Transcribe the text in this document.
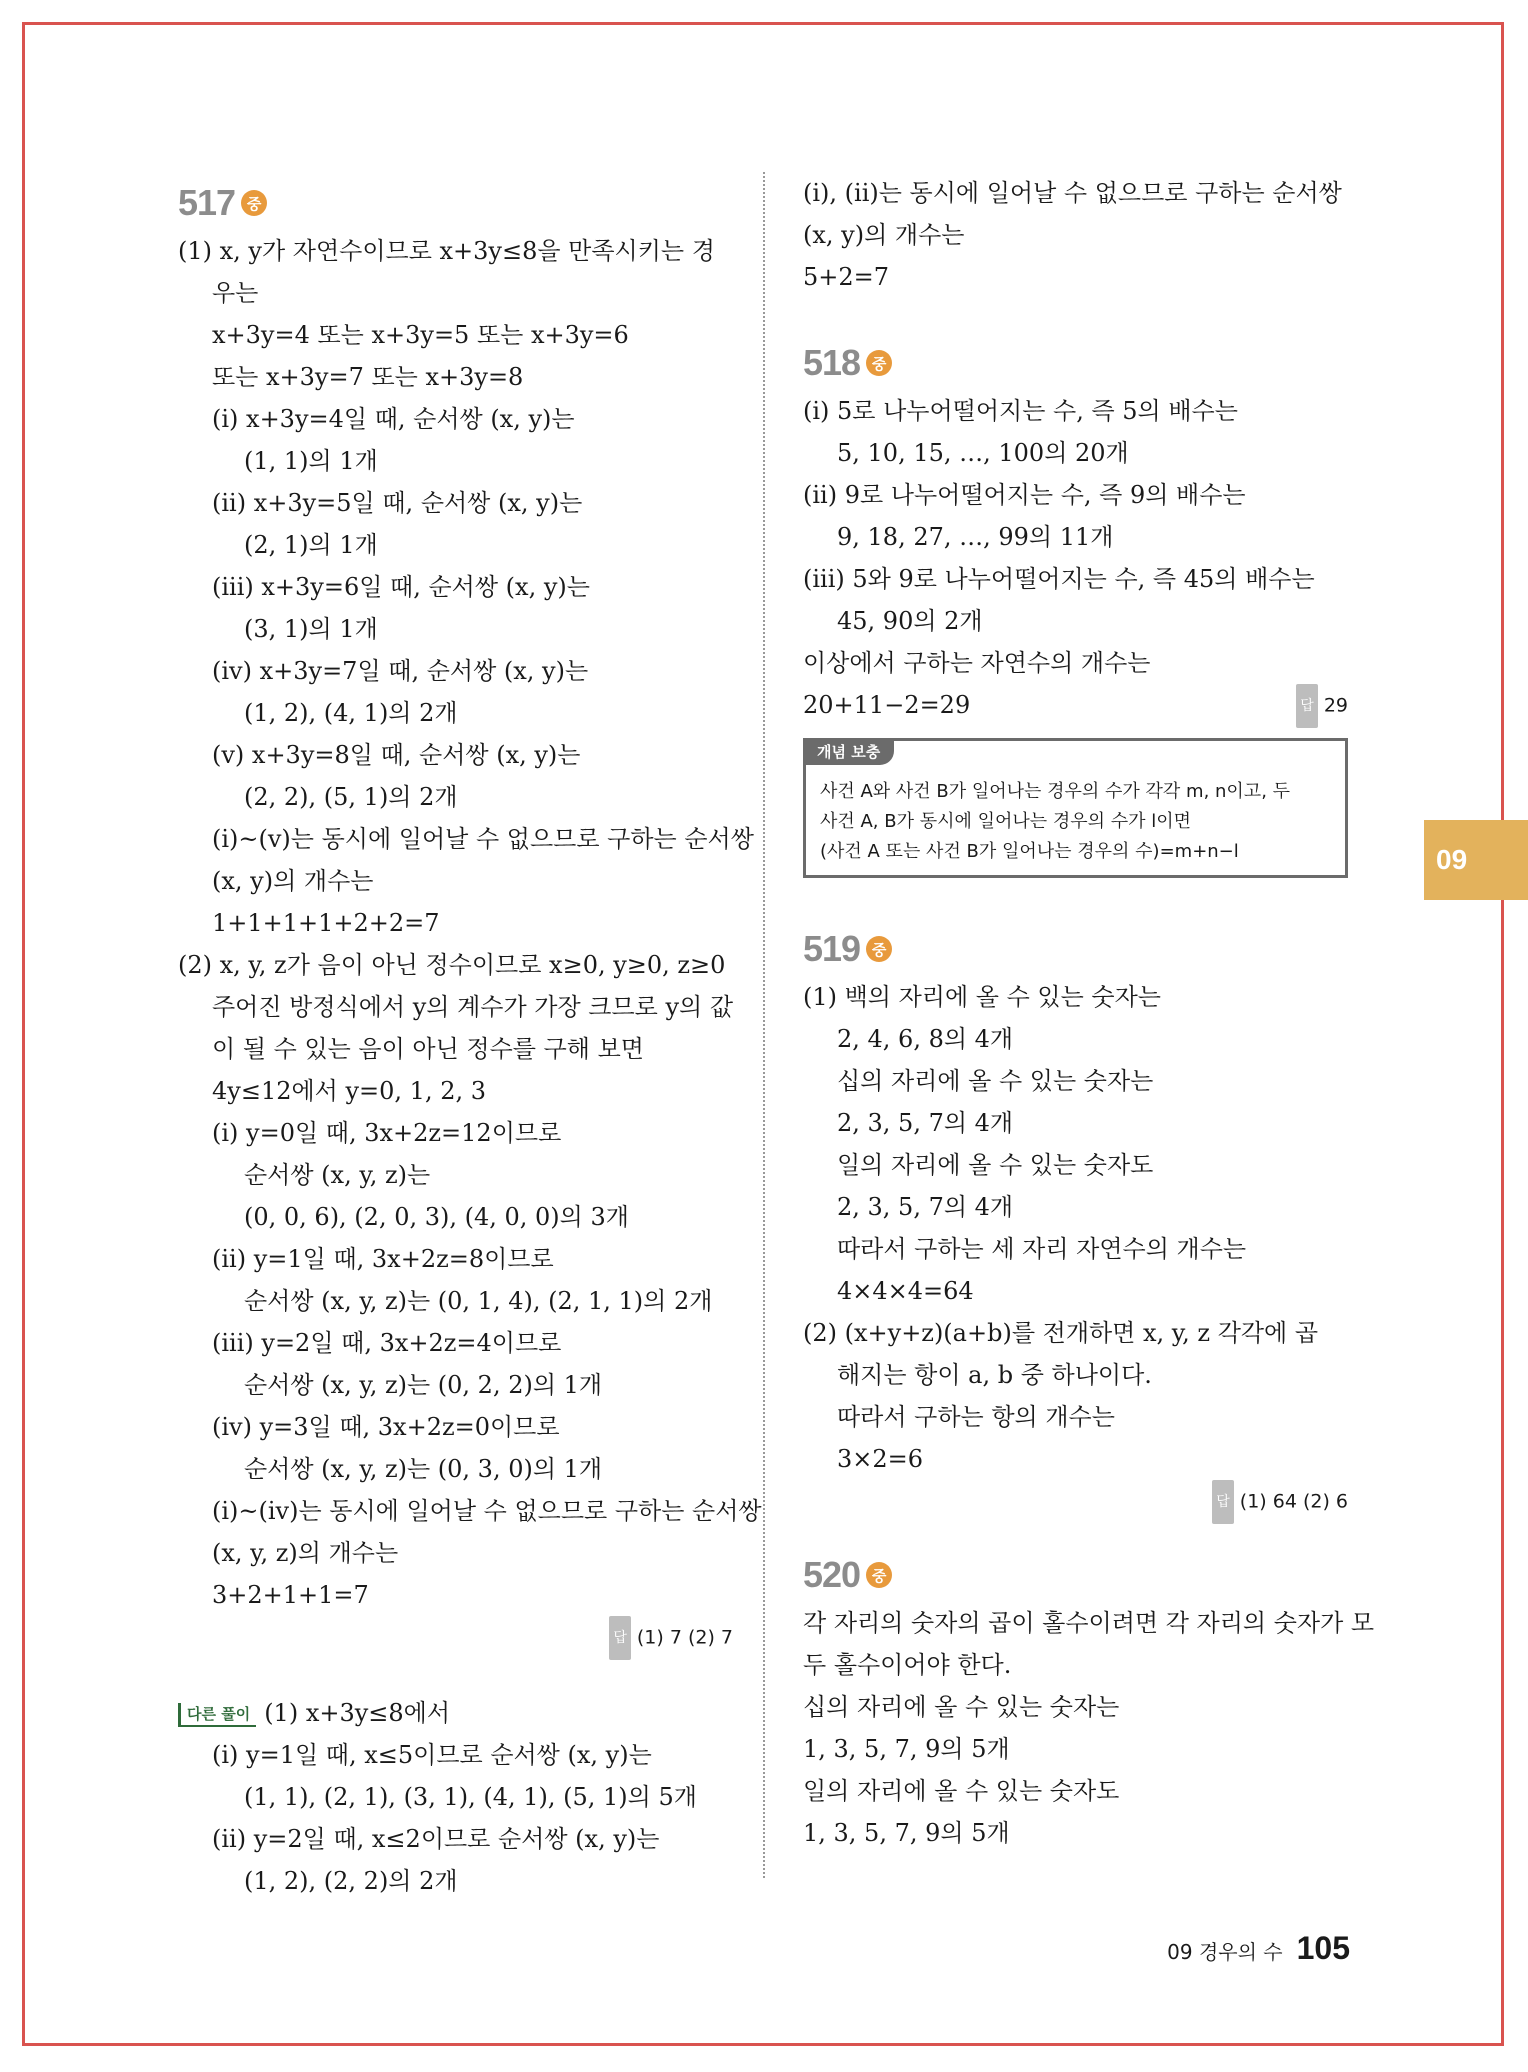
517 중
(1) x, y가 자연수이므로 x+3y≤8을 만족시키는 경
우는
x+3y=4 또는 x+3y=5 또는 x+3y=6
또는 x+3y=7 또는 x+3y=8
(i) x+3y=4일 때, 순서쌍 (x, y)는
(1, 1)의 1개
(ii) x+3y=5일 때, 순서쌍 (x, y)는
(2, 1)의 1개
(iii) x+3y=6일 때, 순서쌍 (x, y)는
(3, 1)의 1개
(iv) x+3y=7일 때, 순서쌍 (x, y)는
(1, 2), (4, 1)의 2개
(v) x+3y=8일 때, 순서쌍 (x, y)는
(2, 2), (5, 1)의 2개
(i)~(v)는 동시에 일어날 수 없으므로 구하는 순서쌍
(x, y)의 개수는
1+1+1+1+2+2=7
(2) x, y, z가 음이 아닌 정수이므로 x≥0, y≥0, z≥0
주어진 방정식에서 y의 계수가 가장 크므로 y의 값
이 될 수 있는 음이 아닌 정수를 구해 보면
4y≤12에서 y=0, 1, 2, 3
(i) y=0일 때, 3x+2z=12이므로
순서쌍 (x, y, z)는
(0, 0, 6), (2, 0, 3), (4, 0, 0)의 3개
(ii) y=1일 때, 3x+2z=8이므로
순서쌍 (x, y, z)는 (0, 1, 4), (2, 1, 1)의 2개
(iii) y=2일 때, 3x+2z=4이므로
순서쌍 (x, y, z)는 (0, 2, 2)의 1개
(iv) y=3일 때, 3x+2z=0이므로
순서쌍 (x, y, z)는 (0, 3, 0)의 1개
(i)~(iv)는 동시에 일어날 수 없으므로 구하는 순서쌍
(x, y, z)의 개수는
3+2+1+1=7
답 (1) 7 (2) 7
다른 풀이 (1) x+3y≤8에서
(i) y=1일 때, x≤5이므로 순서쌍 (x, y)는
(1, 1), (2, 1), (3, 1), (4, 1), (5, 1)의 5개
(ii) y=2일 때, x≤2이므로 순서쌍 (x, y)는
(1, 2), (2, 2)의 2개
(i), (ii)는 동시에 일어날 수 없으므로 구하는 순서쌍
(x, y)의 개수는
5+2=7
518 중
(i) 5로 나누어떨어지는 수, 즉 5의 배수는
5, 10, 15, …, 100의 20개
(ii) 9로 나누어떨어지는 수, 즉 9의 배수는
9, 18, 27, …, 99의 11개
(iii) 5와 9로 나누어떨어지는 수, 즉 45의 배수는
45, 90의 2개
이상에서 구하는 자연수의 개수는
20+11−2=29	답 29
개념 보충
사건 A와 사건 B가 일어나는 경우의 수가 각각 m, n이고, 두
사건 A, B가 동시에 일어나는 경우의 수가 l이면
(사건 A 또는 사건 B가 일어나는 경우의 수)=m+n−l
519 중
(1) 백의 자리에 올 수 있는 숫자는
2, 4, 6, 8의 4개
십의 자리에 올 수 있는 숫자는
2, 3, 5, 7의 4개
일의 자리에 올 수 있는 숫자도
2, 3, 5, 7의 4개
따라서 구하는 세 자리 자연수의 개수는
4×4×4=64
(2) (x+y+z)(a+b)를 전개하면 x, y, z 각각에 곱
해지는 항이 a, b 중 하나이다.
따라서 구하는 항의 개수는
3×2=6
답 (1) 64 (2) 6
520 중
각 자리의 숫자의 곱이 홀수이려면 각 자리의 숫자가 모
두 홀수이어야 한다.
십의 자리에 올 수 있는 숫자는
1, 3, 5, 7, 9의 5개
일의 자리에 올 수 있는 숫자도
1, 3, 5, 7, 9의 5개
09
09 경우의 수 105
